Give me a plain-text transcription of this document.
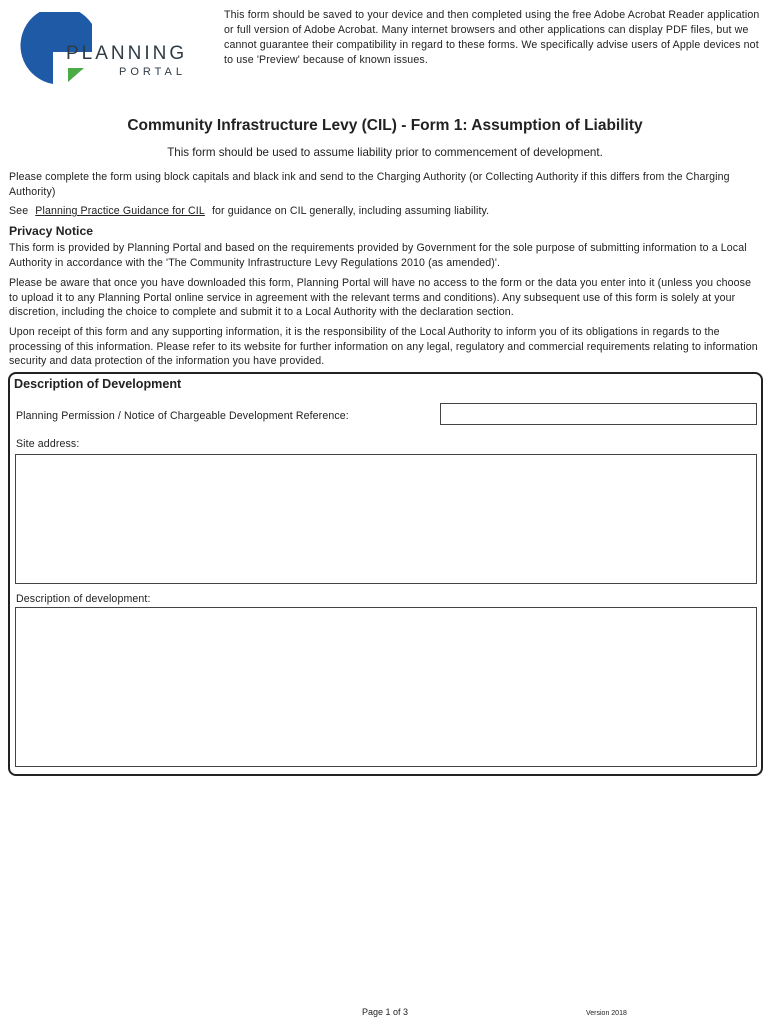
PLANNING
PORTAL

This form should be saved to your device and then completed using the free Adobe Acrobat Reader application or full version of Adobe Acrobat. Many internet browsers and other applications can display PDF files, but we cannot guarantee their compatibility in regard to these forms. We specifically advise users of Apple devices not to use 'Preview' because of known issues.

Community Infrastructure Levy (CIL) - Form 1: Assumption of Liability

This form should be used to assume liability prior to commencement of development.

Please complete the form using block capitals and black ink and send to the Charging Authority (or Collecting Authority if this differs from the Charging Authority)

See Planning Practice Guidance for CIL for guidance on CIL generally, including assuming liability.

Privacy Notice

This form is provided by Planning Portal and based on the requirements provided by Government for the sole purpose of submitting information to a Local Authority in accordance with the 'The Community Infrastructure Levy Regulations 2010 (as amended)'.

Please be aware that once you have downloaded this form, Planning Portal will have no access to the form or the data you enter into it (unless you choose to upload it to any Planning Portal online service in agreement with the relevant terms and conditions). Any subsequent use of this form is solely at your discretion, including the choice to complete and submit it to a Local Authority with the declaration section.

Upon receipt of this form and any supporting information, it is the responsibility of the Local Authority to inform you of its obligations in regards to the processing of this information. Please refer to its website for further information on any legal, regulatory and commercial requirements relating to information security and data protection of the information you have provided.

Description of Development
Planning Permission / Notice of Chargeable Development Reference:
Site address:
Description of development:
Page 1 of 3	Version 2018
